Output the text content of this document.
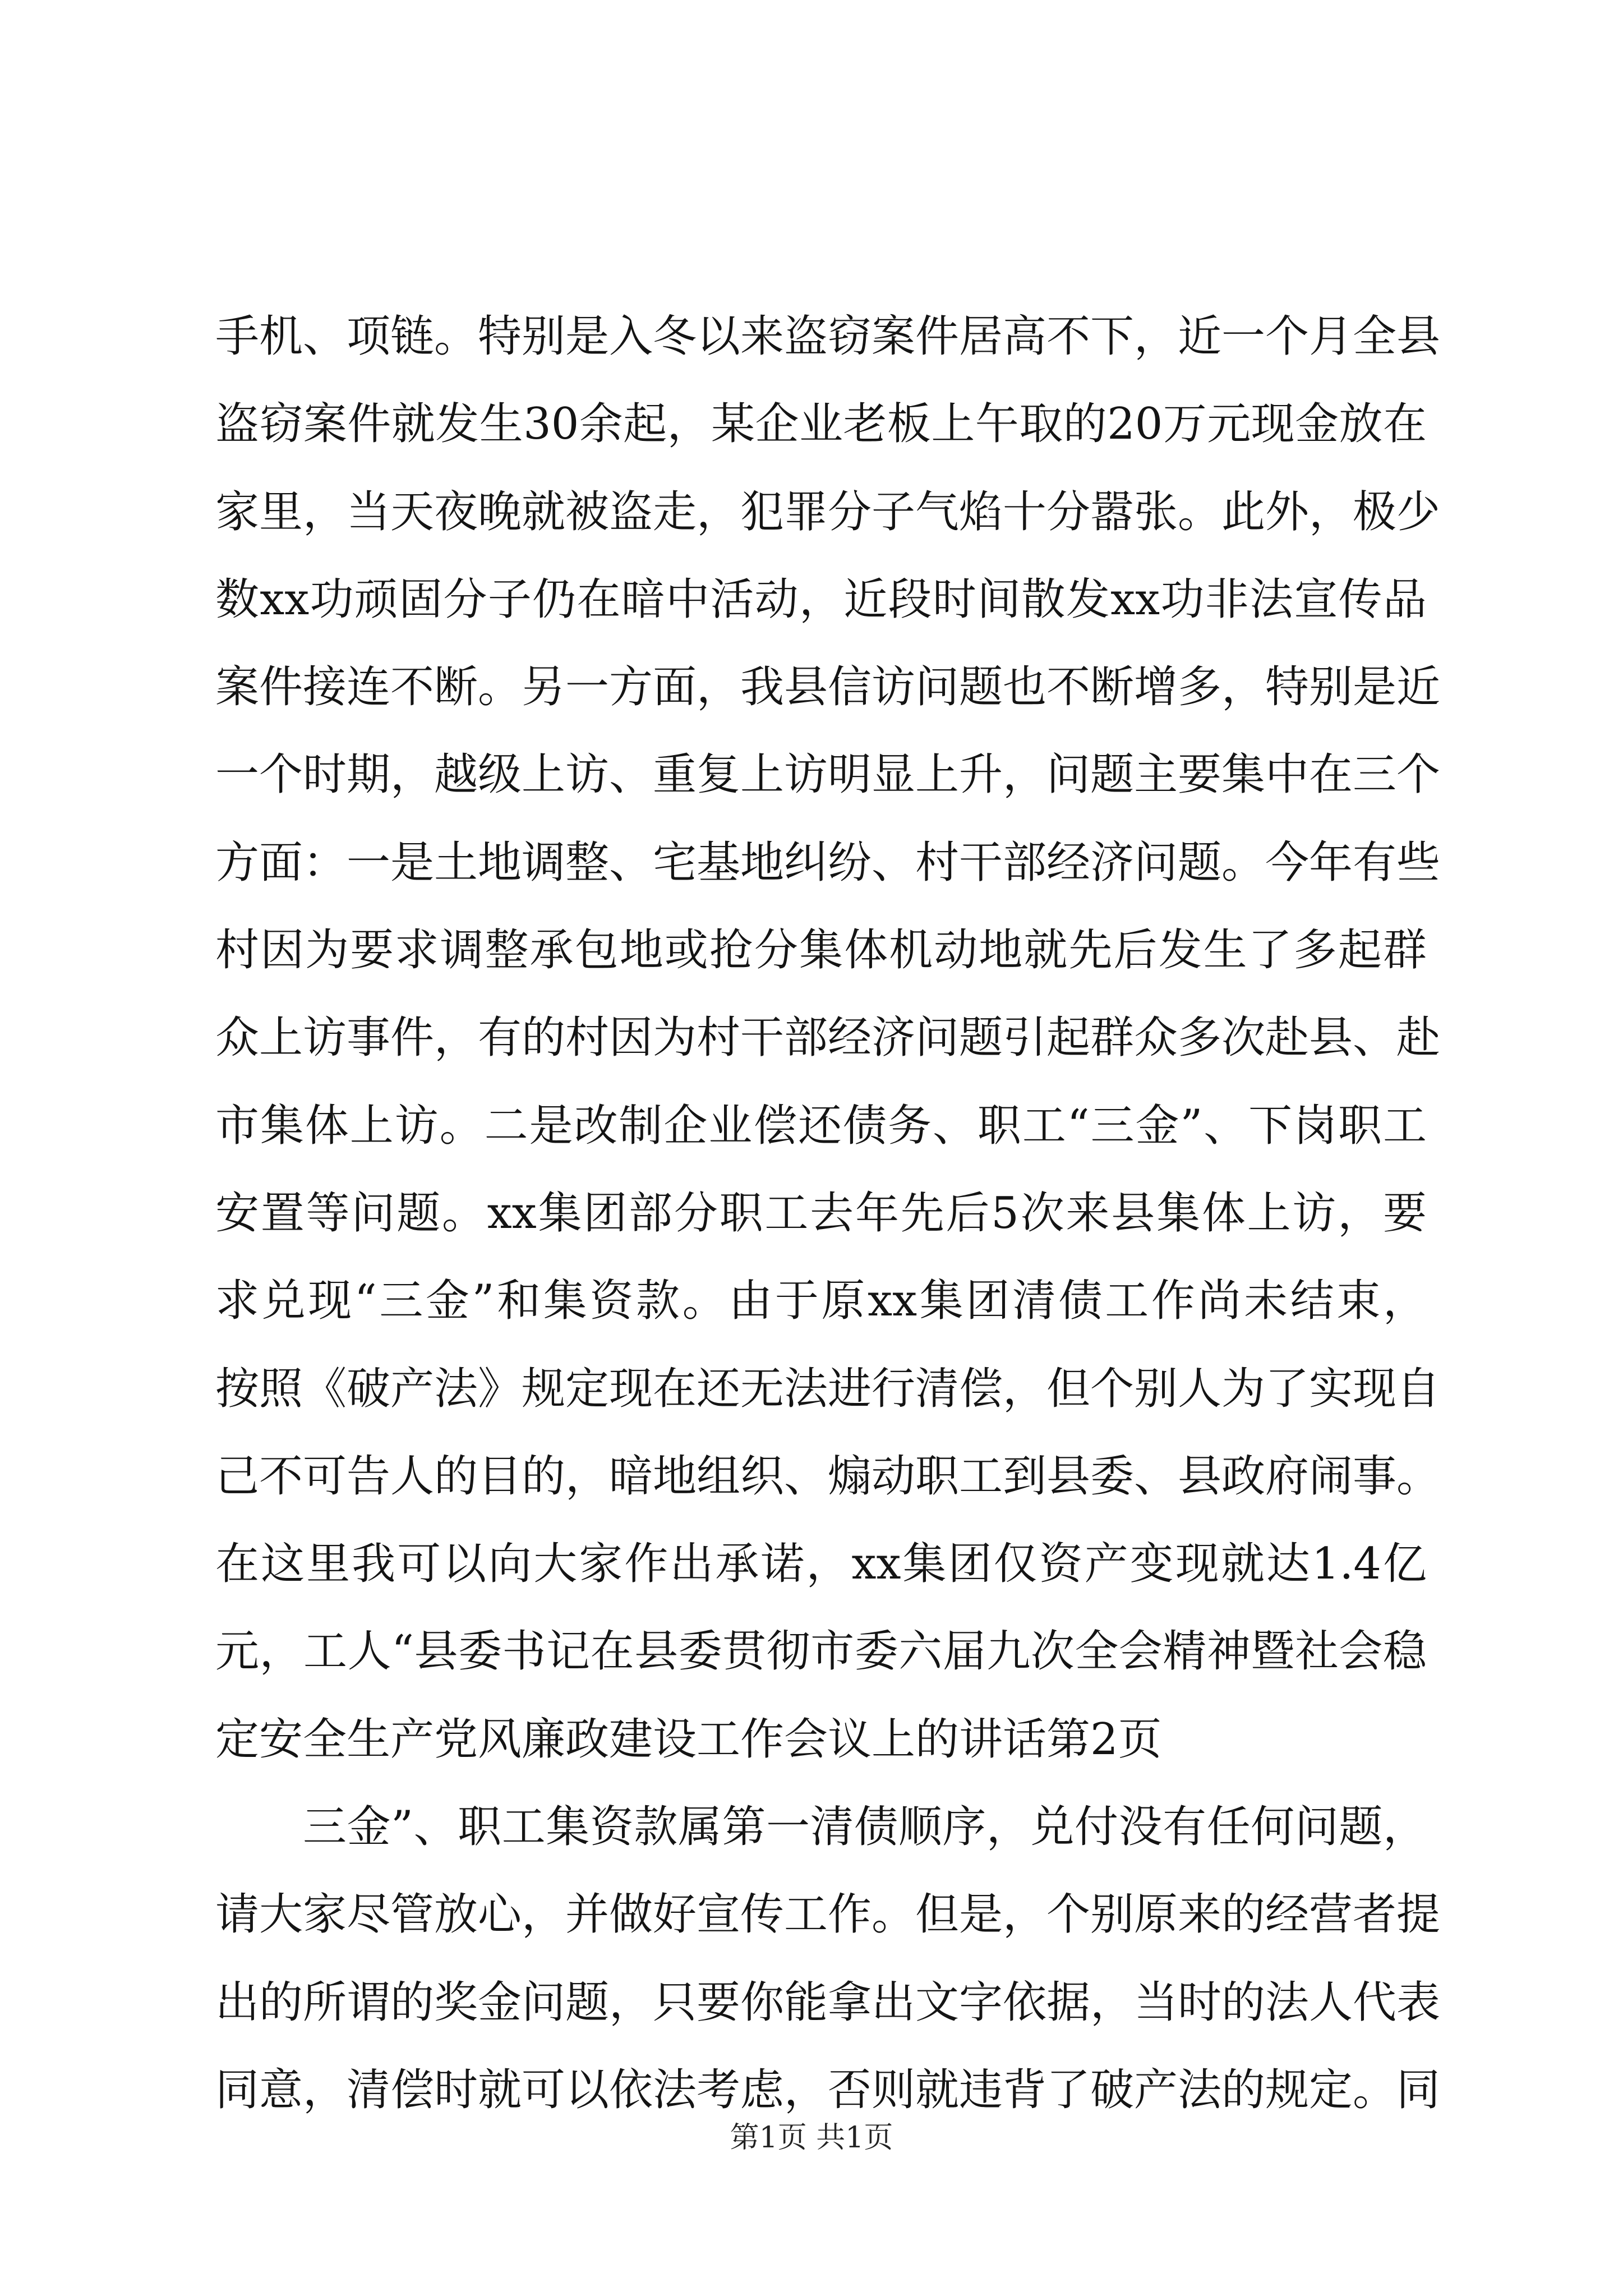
手机、项链。特别是入冬以来盗窃案件居高不下，近一个月全县
盗窃案件就发生30余起，某企业老板上午取的20万元现金放在
家里，当天夜晚就被盗走，犯罪分子气焰十分嚣张。此外，极少
数xx功顽固分子仍在暗中活动，近段时间散发xx功非法宣传品
案件接连不断。另一方面，我县信访问题也不断增多，特别是近
一个时期，越级上访、重复上访明显上升，问题主要集中在三个
方面：一是土地调整、宅基地纠纷、村干部经济问题。今年有些
村因为要求调整承包地或抢分集体机动地就先后发生了多起群
众上访事件，有的村因为村干部经济问题引起群众多次赴县、赴
市集体上访。二是改制企业偿还债务、职工“三金”、下岗职工
安置等问题。xx集团部分职工去年先后5次来县集体上访，要
求兑现“三金”和集资款。由于原xx集团清债工作尚未结束，
按照《破产法》规定现在还无法进行清偿，但个别人为了实现自
己不可告人的目的，暗地组织、煽动职工到县委、县政府闹事。
在这里我可以向大家作出承诺，xx集团仅资产变现就达1.4亿
元，工人“县委书记在县委贯彻市委六届九次全会精神暨社会稳
定安全生产党风廉政建设工作会议上的讲话第2页
三金”、职工集资款属第一清债顺序，兑付没有任何问题，
请大家尽管放心，并做好宣传工作。但是，个别原来的经营者提
出的所谓的奖金问题，只要你能拿出文字依据，当时的法人代表
同意，清偿时就可以依法考虑，否则就违背了破产法的规定。同
第1页 共1页
